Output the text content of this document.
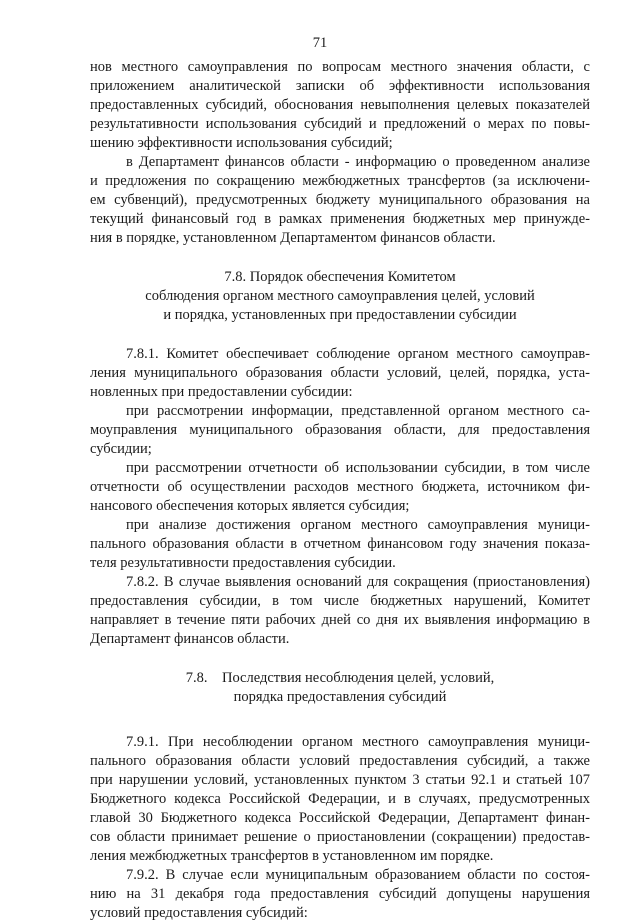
71
нов местного самоуправления по вопросам местного значения области, с
приложением аналитической записки об эффективности использования
предоставленных субсидий, обоснования невыполнения целевых показателей
результативности использования субсидий и предложений о мерах по повы-
шению эффективности использования субсидий;
в Департамент финансов области - информацию о проведенном анализе
и предложения по сокращению межбюджетных трансфертов (за исключени-
ем субвенций), предусмотренных бюджету муниципального образования на
текущий финансовый год в рамках применения бюджетных мер принужде-
ния в порядке, установленном Департаментом финансов области.
7.8. Порядок обеспечения Комитетом
соблюдения органом местного самоуправления целей, условий
и порядка, установленных при предоставлении субсидии
7.8.1. Комитет обеспечивает соблюдение органом местного самоуправ-
ления муниципального образования области условий, целей, порядка, уста-
новленных при предоставлении субсидии:
при рассмотрении информации, представленной органом местного са-
моуправления муниципального образования области, для предоставления
субсидии;
при рассмотрении отчетности об использовании субсидии, в том числе
отчетности об осуществлении расходов местного бюджета, источником фи-
нансового обеспечения которых является субсидия;
при анализе достижения органом местного самоуправления муници-
пального образования области в отчетном финансовом году значения показа-
теля результативности предоставления субсидии.
7.8.2. В случае выявления оснований для сокращения (приостановления)
предоставления субсидии, в том числе бюджетных нарушений, Комитет
направляет в течение пяти рабочих дней со дня их выявления информацию в
Департамент финансов области.
7.8.    Последствия несоблюдения целей, условий,
порядка предоставления субсидий
7.9.1. При несоблюдении органом местного самоуправления муници-
пального образования области условий предоставления субсидий, а также
при нарушении условий, установленных пунктом 3 статьи 92.1 и статьей 107
Бюджетного кодекса Российской Федерации, и в случаях, предусмотренных
главой 30 Бюджетного кодекса Российской Федерации, Департамент финан-
сов области принимает решение о приостановлении (сокращении) предостав-
ления межбюджетных трансфертов в установленном им порядке.
7.9.2. В случае если муниципальным образованием области по состоя-
нию на 31 декабря года предоставления субсидий допущены нарушения
условий предоставления субсидий:
